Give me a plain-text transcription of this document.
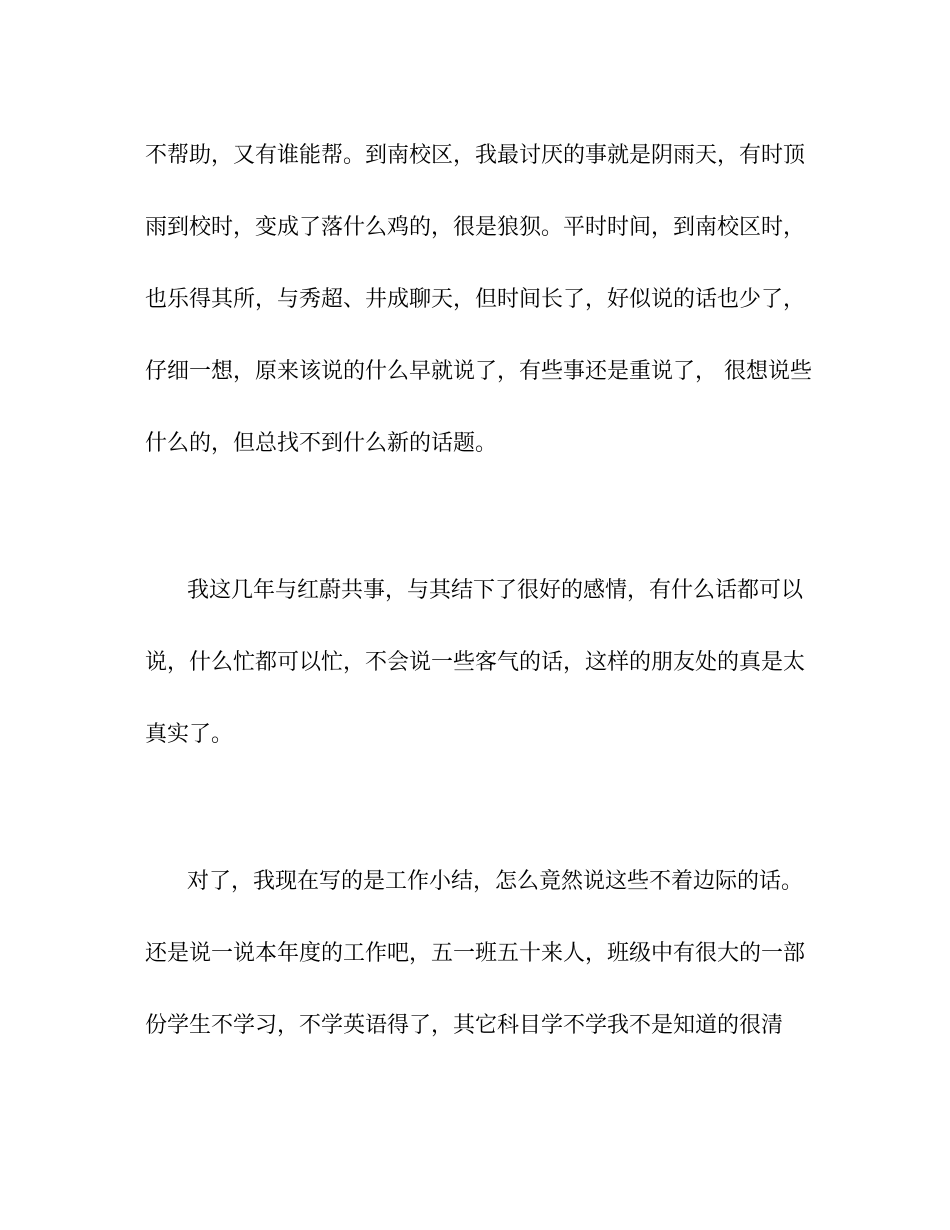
不帮助，又有谁能帮。到南校区，我最讨厌的事就是阴雨天，有时顶
雨到校时，变成了落什么鸡的，很是狼狈。平时时间，到南校区时，
也乐得其所，与秀超、井成聊天，但时间长了，好似说的话也少了，
仔细一想，原来该说的什么早就说了，有些事还是重说了， 很想说些
什么的，但总找不到什么新的话题。
我这几年与红蔚共事，与其结下了很好的感情，有什么话都可以
说，什么忙都可以忙，不会说一些客气的话，这样的朋友处的真是太
真实了。
对了，我现在写的是工作小结，怎么竟然说这些不着边际的话。
还是说一说本年度的工作吧，五一班五十来人，班级中有很大的一部
份学生不学习，不学英语得了，其它科目学不学我不是知道的很清
